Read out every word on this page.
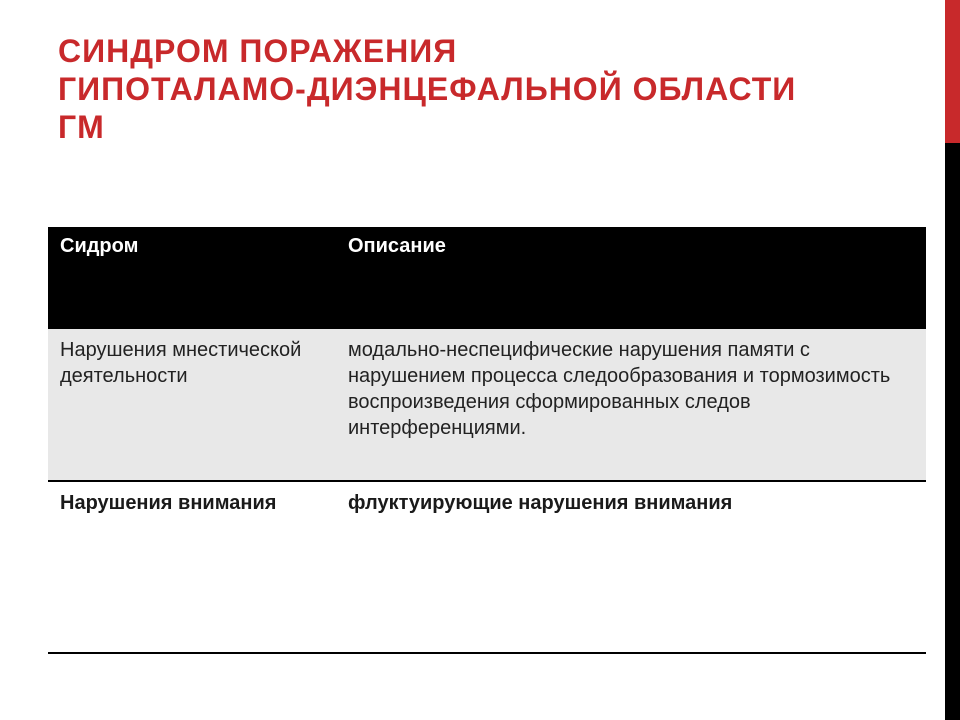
СИНДРОМ ПОРАЖЕНИЯ
ГИПОТАЛАМО-ДИЭНЦЕФАЛЬНОЙ ОБЛАСТИ
ГМ
Сидром	Описание
Нарушения мнестической деятельности	модально-неспецифические нарушения памяти с нарушением процесса следообразования и тормозимость воспроизведения сформированных следов интерференциями.
Нарушения внимания	флуктуирующие нарушения внимания
